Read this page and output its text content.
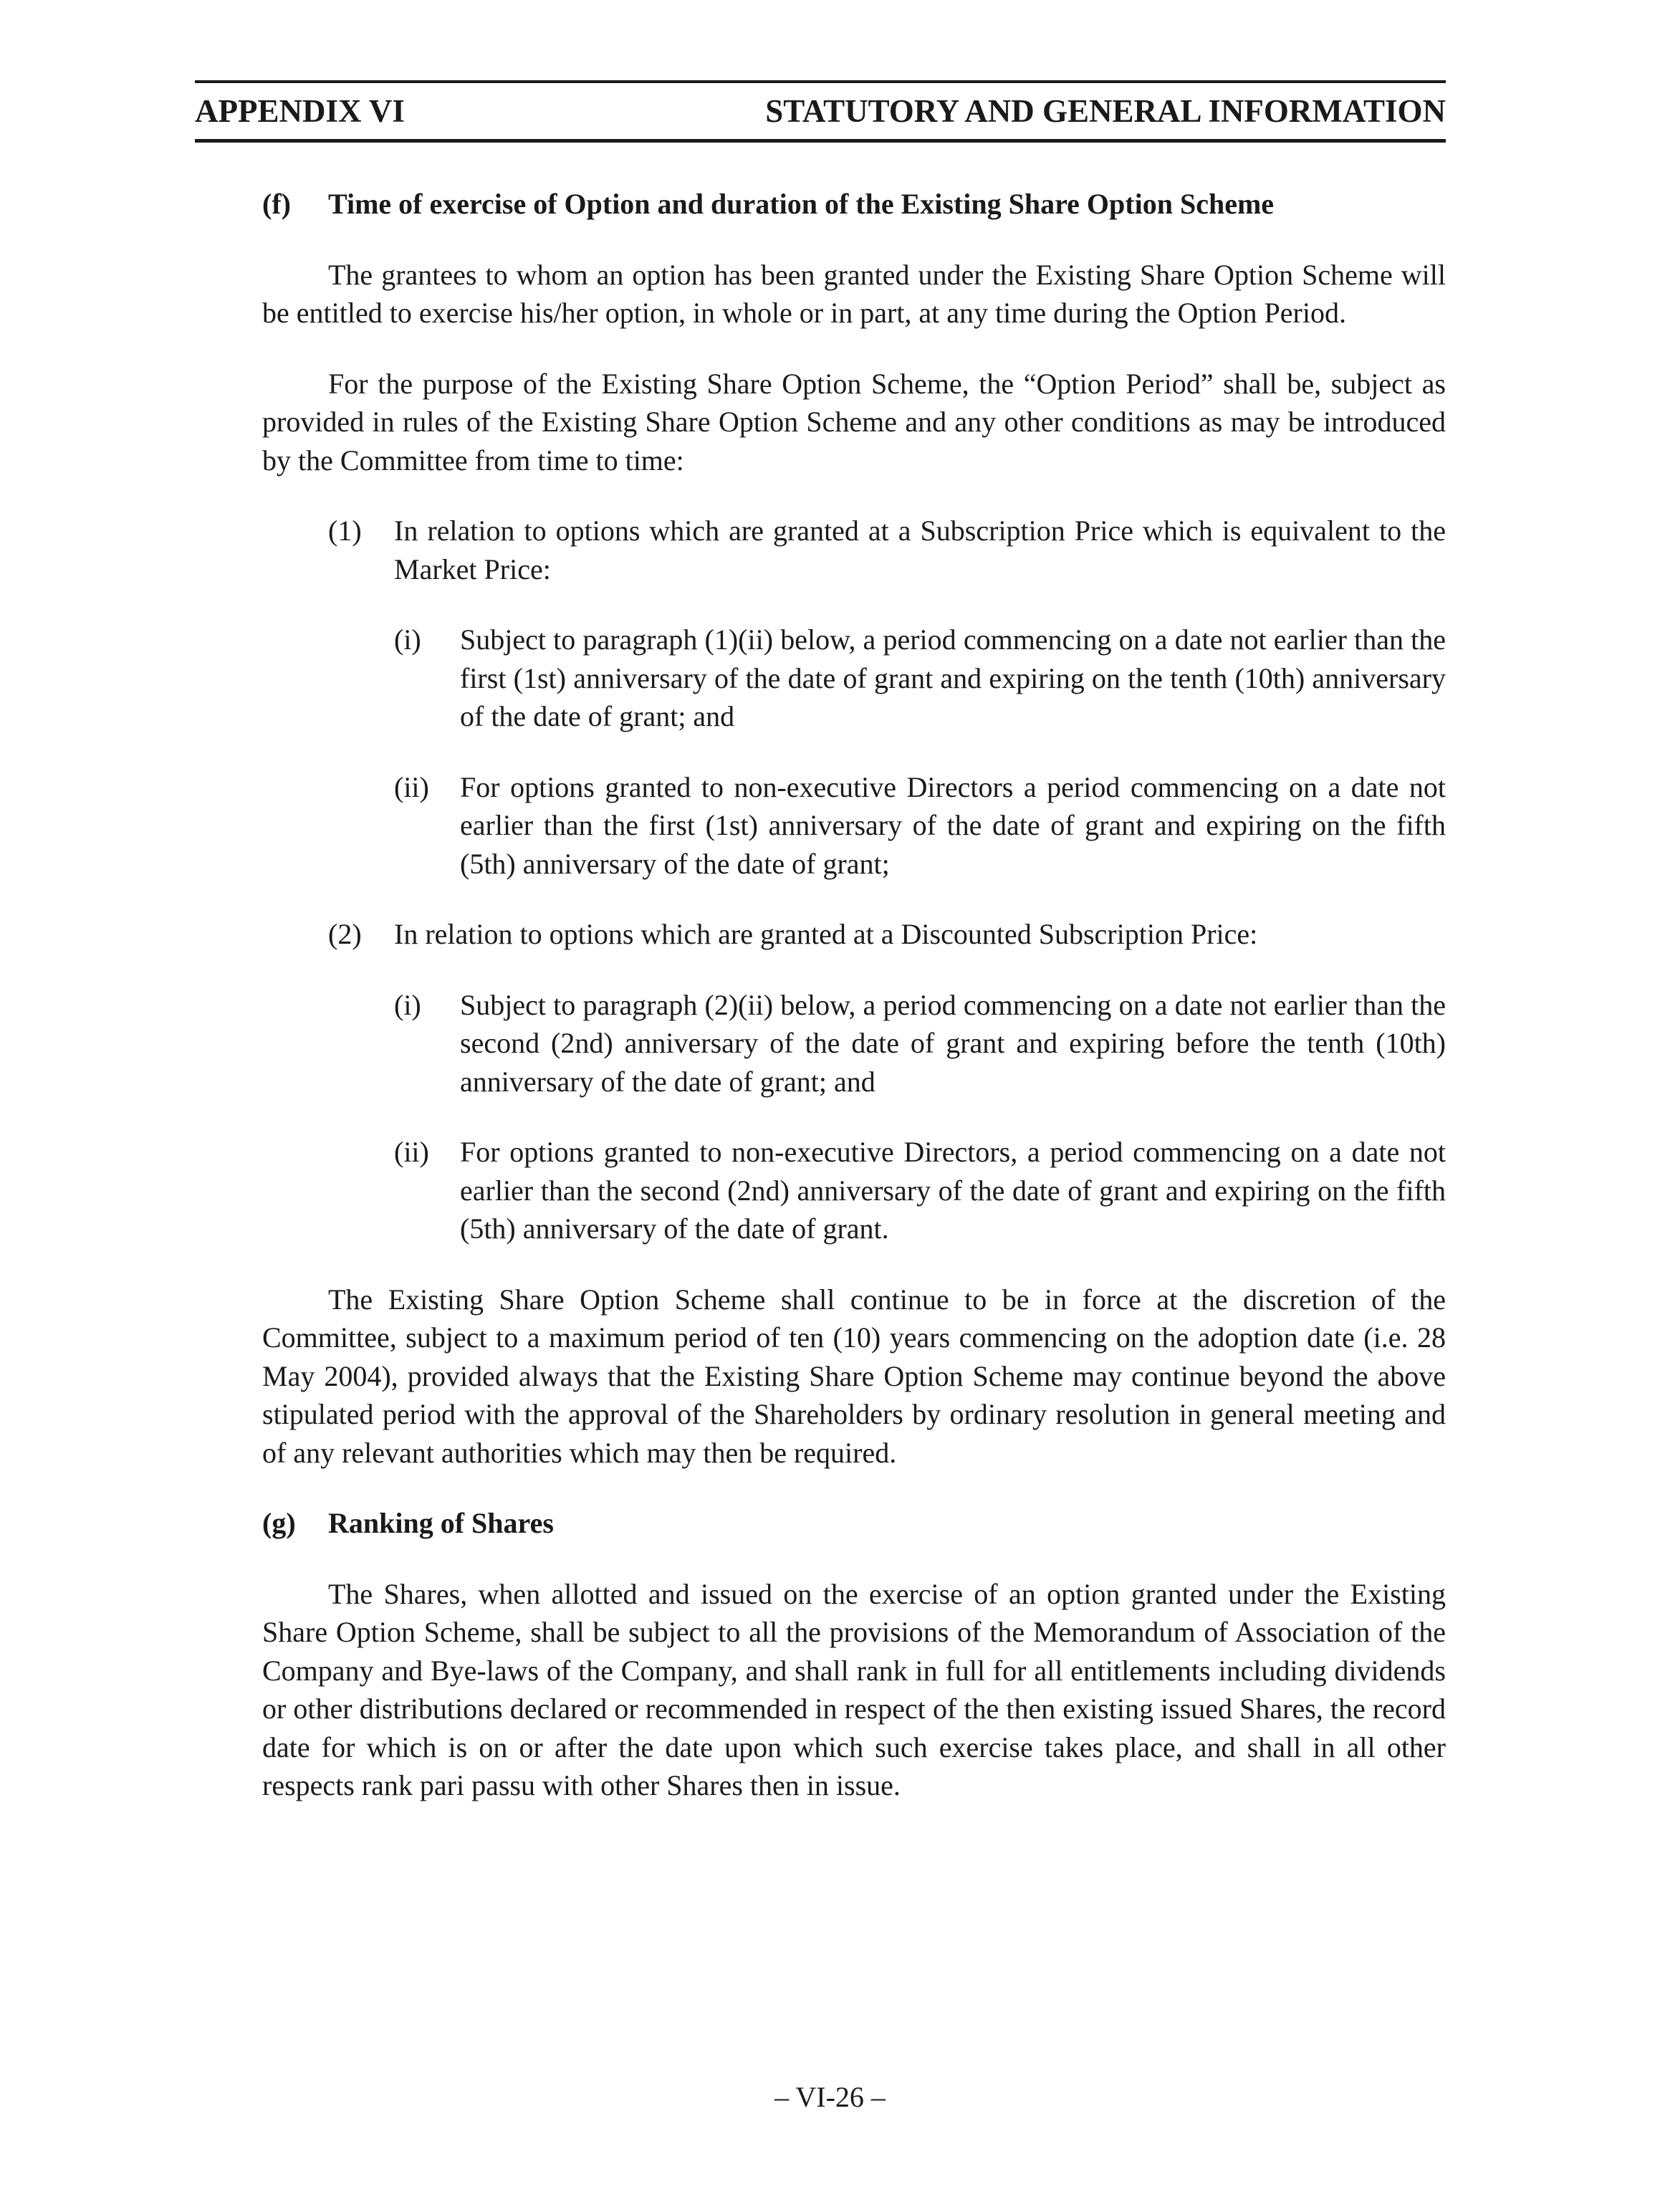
APPENDIX VI	STATUTORY AND GENERAL INFORMATION
(f)	Time of exercise of Option and duration of the Existing Share Option Scheme

The grantees to whom an option has been granted under the Existing Share Option Scheme will be entitled to exercise his/her option, in whole or in part, at any time during the Option Period.

For the purpose of the Existing Share Option Scheme, the “Option Period” shall be, subject as provided in rules of the Existing Share Option Scheme and any other conditions as may be introduced by the Committee from time to time:

(1)	In relation to options which are granted at a Subscription Price which is equivalent to the Market Price:
(i)	Subject to paragraph (1)(ii) below, a period commencing on a date not earlier than the first (1st) anniversary of the date of grant and expiring on the tenth (10th) anniversary of the date of grant; and
(ii)	For options granted to non-executive Directors a period commencing on a date not earlier than the first (1st) anniversary of the date of grant and expiring on the fifth (5th) anniversary of the date of grant;
(2)	In relation to options which are granted at a Discounted Subscription Price:
(i)	Subject to paragraph (2)(ii) below, a period commencing on a date not earlier than the second (2nd) anniversary of the date of grant and expiring before the tenth (10th) anniversary of the date of grant; and
(ii)	For options granted to non-executive Directors, a period commencing on a date not earlier than the second (2nd) anniversary of the date of grant and expiring on the fifth (5th) anniversary of the date of grant.

The Existing Share Option Scheme shall continue to be in force at the discretion of the Committee, subject to a maximum period of ten (10) years commencing on the adoption date (i.e. 28 May 2004), provided always that the Existing Share Option Scheme may continue beyond the above stipulated period with the approval of the Shareholders by ordinary resolution in general meeting and of any relevant authorities which may then be required.

(g)	Ranking of Shares

The Shares, when allotted and issued on the exercise of an option granted under the Existing Share Option Scheme, shall be subject to all the provisions of the Memorandum of Association of the Company and Bye-laws of the Company, and shall rank in full for all entitlements including dividends or other distributions declared or recommended in respect of the then existing issued Shares, the record date for which is on or after the date upon which such exercise takes place, and shall in all other respects rank pari passu with other Shares then in issue.

– VI-26 –
